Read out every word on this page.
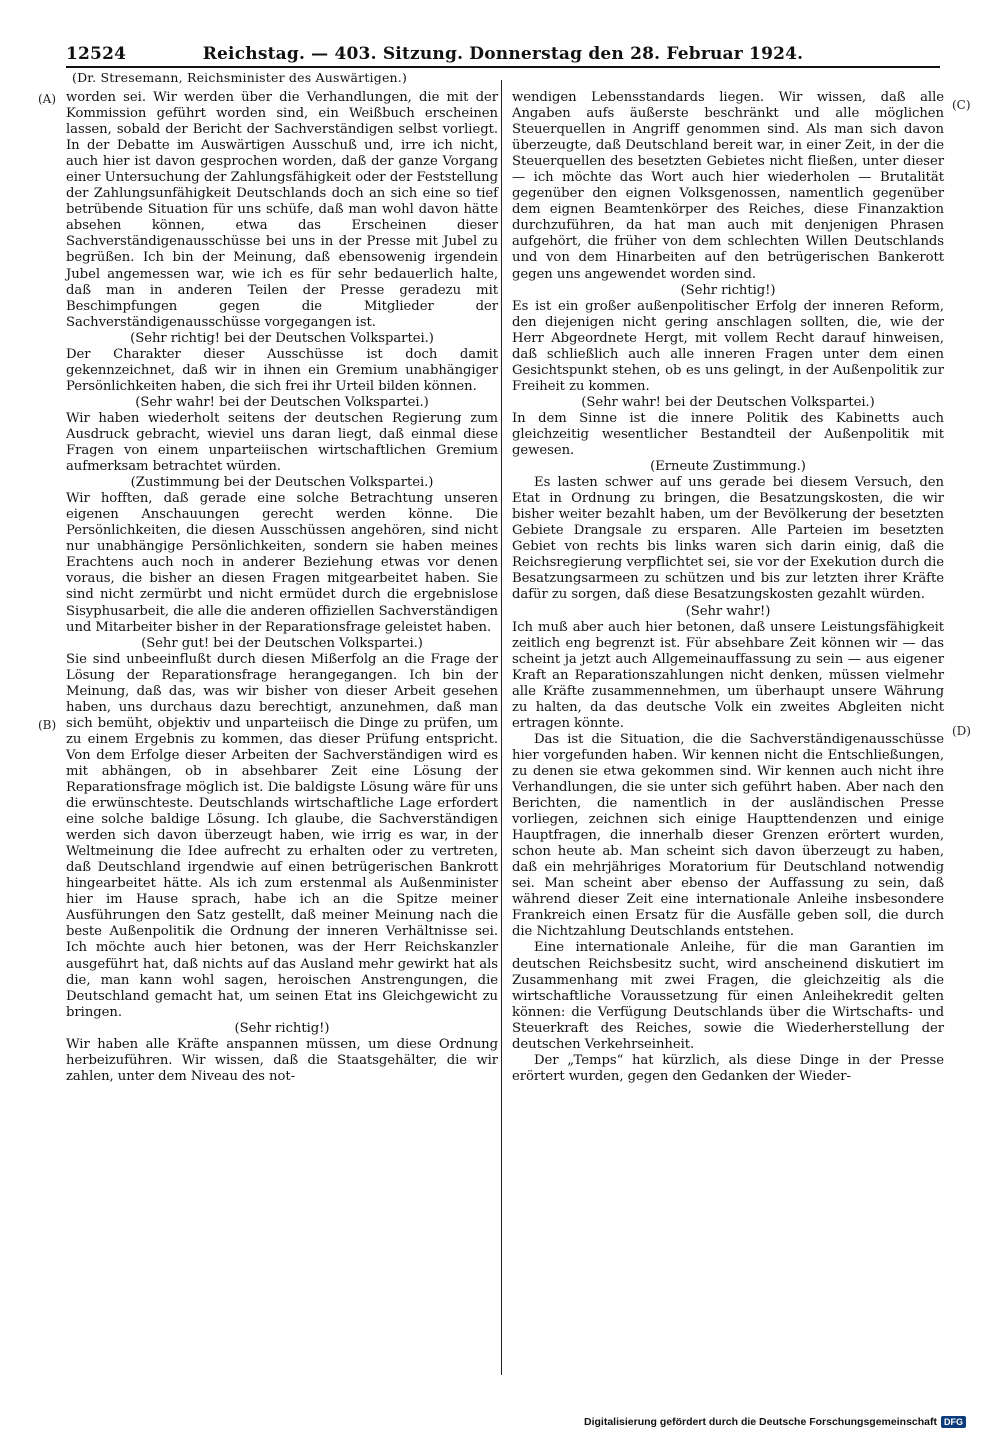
12524	Reichstag. — 403. Sitzung. Donnerstag den 28. Februar 1924.
(Dr. Stresemann, Reichsminister des Auswärtigen.)
(A)
(B)
(C)
(D)

worden sei. Wir werden über die Verhandlungen, die mit der Kommission geführt worden sind, ein Weißbuch erscheinen lassen, sobald der Bericht der Sachverständigen selbst vorliegt. In der Debatte im Auswärtigen Ausschuß und, irre ich nicht, auch hier ist davon gesprochen worden, daß der ganze Vorgang einer Untersuchung der Zahlungsfähigkeit oder der Feststellung der Zahlungsunfähigkeit Deutschlands doch an sich eine so tief betrübende Situation für uns schüfe, daß man wohl davon hätte absehen können, etwa das Erscheinen dieser Sachverständigenausschüsse bei uns in der Presse mit Jubel zu begrüßen. Ich bin der Meinung, daß ebensowenig irgendein Jubel angemessen war, wie ich es für sehr bedauerlich halte, daß man in anderen Teilen der Presse geradezu mit Beschimpfungen gegen die Mitglieder der Sachverständigenausschüsse vorgegangen ist.

(Sehr richtig! bei der Deutschen Volkspartei.)

Der Charakter dieser Ausschüsse ist doch damit gekennzeichnet, daß wir in ihnen ein Gremium unabhängiger Persönlichkeiten haben, die sich frei ihr Urteil bilden können.

(Sehr wahr! bei der Deutschen Volkspartei.)

Wir haben wiederholt seitens der deutschen Regierung zum Ausdruck gebracht, wieviel uns daran liegt, daß einmal diese Fragen von einem unparteiischen wirtschaftlichen Gremium aufmerksam betrachtet würden.

(Zustimmung bei der Deutschen Volkspartei.)

Wir hofften, daß gerade eine solche Betrachtung unseren eigenen Anschauungen gerecht werden könne. Die Persönlichkeiten, die diesen Ausschüssen angehören, sind nicht nur unabhängige Persönlichkeiten, sondern sie haben meines Erachtens auch noch in anderer Beziehung etwas vor denen voraus, die bisher an diesen Fragen mitgearbeitet haben. Sie sind nicht zermürbt und nicht ermüdet durch die ergebnislose Sisyphusarbeit, die alle die anderen offiziellen Sachverständigen und Mitarbeiter bisher in der Reparationsfrage geleistet haben.

(Sehr gut! bei der Deutschen Volkspartei.)

Sie sind unbeeinflußt durch diesen Mißerfolg an die Frage der Lösung der Reparationsfrage herangegangen. Ich bin der Meinung, daß das, was wir bisher von dieser Arbeit gesehen haben, uns durchaus dazu berechtigt, anzunehmen, daß man sich bemüht, objektiv und unparteiisch die Dinge zu prüfen, um zu einem Ergebnis zu kommen, das dieser Prüfung entspricht. Von dem Erfolge dieser Arbeiten der Sachverständigen wird es mit abhängen, ob in absehbarer Zeit eine Lösung der Reparationsfrage möglich ist. Die baldigste Lösung wäre für uns die erwünschteste. Deutschlands wirtschaftliche Lage erfordert eine solche baldige Lösung. Ich glaube, die Sachverständigen werden sich davon überzeugt haben, wie irrig es war, in der Weltmeinung die Idee aufrecht zu erhalten oder zu vertreten, daß Deutschland irgendwie auf einen betrügerischen Bankrott hingearbeitet hätte. Als ich zum erstenmal als Außenminister hier im Hause sprach, habe ich an die Spitze meiner Ausführungen den Satz gestellt, daß meiner Meinung nach die beste Außenpolitik die Ordnung der inneren Verhältnisse sei. Ich möchte auch hier betonen, was der Herr Reichskanzler ausgeführt hat, daß nichts auf das Ausland mehr gewirkt hat als die, man kann wohl sagen, heroischen Anstrengungen, die Deutschland gemacht hat, um seinen Etat ins Gleichgewicht zu bringen.

(Sehr richtig!)

Wir haben alle Kräfte anspannen müssen, um diese Ordnung herbeizuführen. Wir wissen, daß die Staatsgehälter, die wir zahlen, unter dem Niveau des not-

wendigen Lebensstandards liegen. Wir wissen, daß alle Angaben aufs äußerste beschränkt und alle möglichen Steuerquellen in Angriff genommen sind. Als man sich davon überzeugte, daß Deutschland bereit war, in einer Zeit, in der die Steuerquellen des besetzten Gebietes nicht fließen, unter dieser — ich möchte das Wort auch hier wiederholen — Brutalität gegenüber den eignen Volksgenossen, namentlich gegenüber dem eignen Beamtenkörper des Reiches, diese Finanzaktion durchzuführen, da hat man auch mit denjenigen Phrasen aufgehört, die früher von dem schlechten Willen Deutschlands und von dem Hinarbeiten auf den betrügerischen Bankerott gegen uns angewendet worden sind.

(Sehr richtig!)

Es ist ein großer außenpolitischer Erfolg der inneren Reform, den diejenigen nicht gering anschlagen sollten, die, wie der Herr Abgeordnete Hergt, mit vollem Recht darauf hinweisen, daß schließlich auch alle inneren Fragen unter dem einen Gesichtspunkt stehen, ob es uns gelingt, in der Außenpolitik zur Freiheit zu kommen.

(Sehr wahr! bei der Deutschen Volkspartei.)

In dem Sinne ist die innere Politik des Kabinetts auch gleichzeitig wesentlicher Bestandteil der Außenpolitik mit gewesen.

(Erneute Zustimmung.)

Es lasten schwer auf uns gerade bei diesem Versuch, den Etat in Ordnung zu bringen, die Besatzungskosten, die wir bisher weiter bezahlt haben, um der Bevölkerung der besetzten Gebiete Drangsale zu ersparen. Alle Parteien im besetzten Gebiet von rechts bis links waren sich darin einig, daß die Reichsregierung verpflichtet sei, sie vor der Exekution durch die Besatzungsarmeen zu schützen und bis zur letzten ihrer Kräfte dafür zu sorgen, daß diese Besatzungskosten gezahlt würden.

(Sehr wahr!)

Ich muß aber auch hier betonen, daß unsere Leistungsfähigkeit zeitlich eng begrenzt ist. Für absehbare Zeit können wir — das scheint ja jetzt auch Allgemeinauffassung zu sein — aus eigener Kraft an Reparationszahlungen nicht denken, müssen vielmehr alle Kräfte zusammennehmen, um überhaupt unsere Währung zu halten, da das deutsche Volk ein zweites Abgleiten nicht ertragen könnte.

Das ist die Situation, die die Sachverständigenausschüsse hier vorgefunden haben. Wir kennen nicht die Entschließungen, zu denen sie etwa gekommen sind. Wir kennen auch nicht ihre Verhandlungen, die sie unter sich geführt haben. Aber nach den Berichten, die namentlich in der ausländischen Presse vorliegen, zeichnen sich einige Haupttendenzen und einige Hauptfragen, die innerhalb dieser Grenzen erörtert wurden, schon heute ab. Man scheint sich davon überzeugt zu haben, daß ein mehrjähriges Moratorium für Deutschland notwendig sei. Man scheint aber ebenso der Auffassung zu sein, daß während dieser Zeit eine internationale Anleihe insbesondere Frankreich einen Ersatz für die Ausfälle geben soll, die durch die Nichtzahlung Deutschlands entstehen.

Eine internationale Anleihe, für die man Garantien im deutschen Reichsbesitz sucht, wird anscheinend diskutiert im Zusammenhang mit zwei Fragen, die gleichzeitig als die wirtschaftliche Voraussetzung für einen Anleihekredit gelten können: die Verfügung Deutschlands über die Wirtschafts- und Steuerkraft des Reiches, sowie die Wiederherstellung der deutschen Verkehrseinheit.

Der „Temps“ hat kürzlich, als diese Dinge in der Presse erörtert wurden, gegen den Gedanken der Wieder-

Digitalisierung gefördert durch die Deutsche Forschungsgemeinschaft DFG
